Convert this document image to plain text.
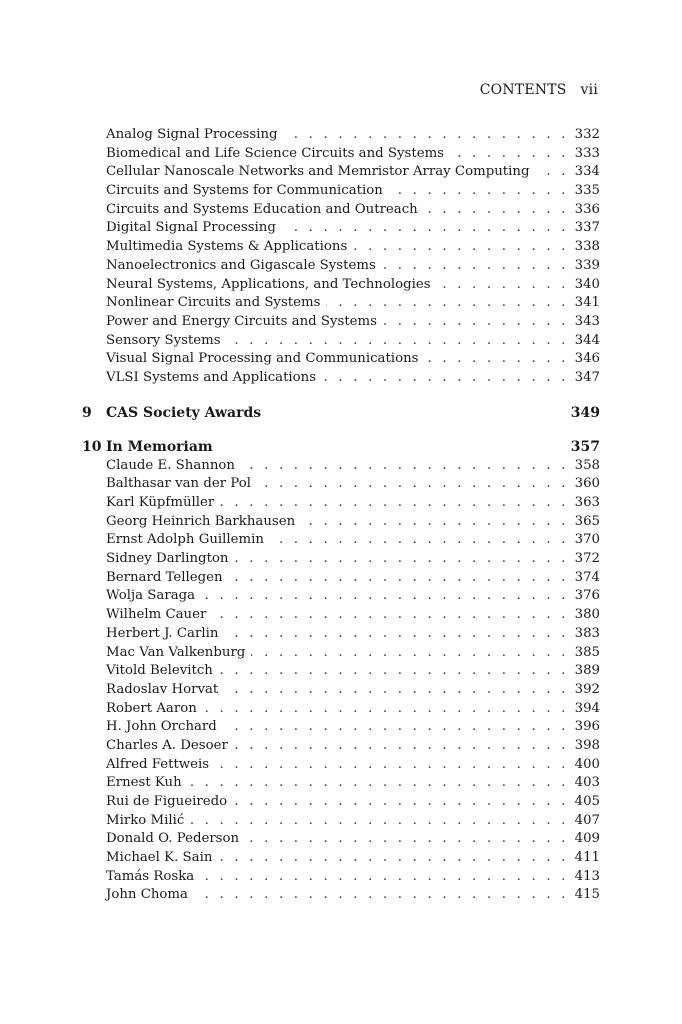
CONTENTS vii
Analog Signal Processing . . .	332
Biomedical and Life Science Circuits and Systems . . .	333
Cellular Nanoscale Networks and Memristor Array Computing . . .	334
Circuits and Systems for Communication . . .	335
Circuits and Systems Education and Outreach . . .	336
Digital Signal Processing . . .	337
Multimedia Systems & Applications . . .	338
Nanoelectronics and Gigascale Systems . . .	339
Neural Systems, Applications, and Technologies . . .	340
Nonlinear Circuits and Systems . . .	341
Power and Energy Circuits and Systems . . .	343
Sensory Systems . . .	344
Visual Signal Processing and Communications . . .	346
VLSI Systems and Applications . . .	347
9	CAS Society Awards	349
10 In Memoriam	357
Claude E. Shannon . . .	358
Balthasar van der Pol . . .	360
Karl Küpfmüller . . .	363
Georg Heinrich Barkhausen . . .	365
Ernst Adolph Guillemin . . .	370
Sidney Darlington . . .	372
Bernard Tellegen . . .	374
Wolja Saraga . . .	376
Wilhelm Cauer . . .	380
Herbert J. Carlin . . .	383
Mac Van Valkenburg . . .	385
Vitold Belevitch . . .	389
Radoslav Horvat . . .	392
Robert Aaron . . .	394
H. John Orchard . . .	396
Charles A. Desoer . . .	398
Alfred Fettweis . . .	400
Ernest Kuh . . .	403
Rui de Figueiredo . . .	405
Mirko Milić . . .	407
Donald O. Pederson . . .	409
Michael K. Sain . . .	411
Tamás Roska . . .	413
John Choma . . .	415
